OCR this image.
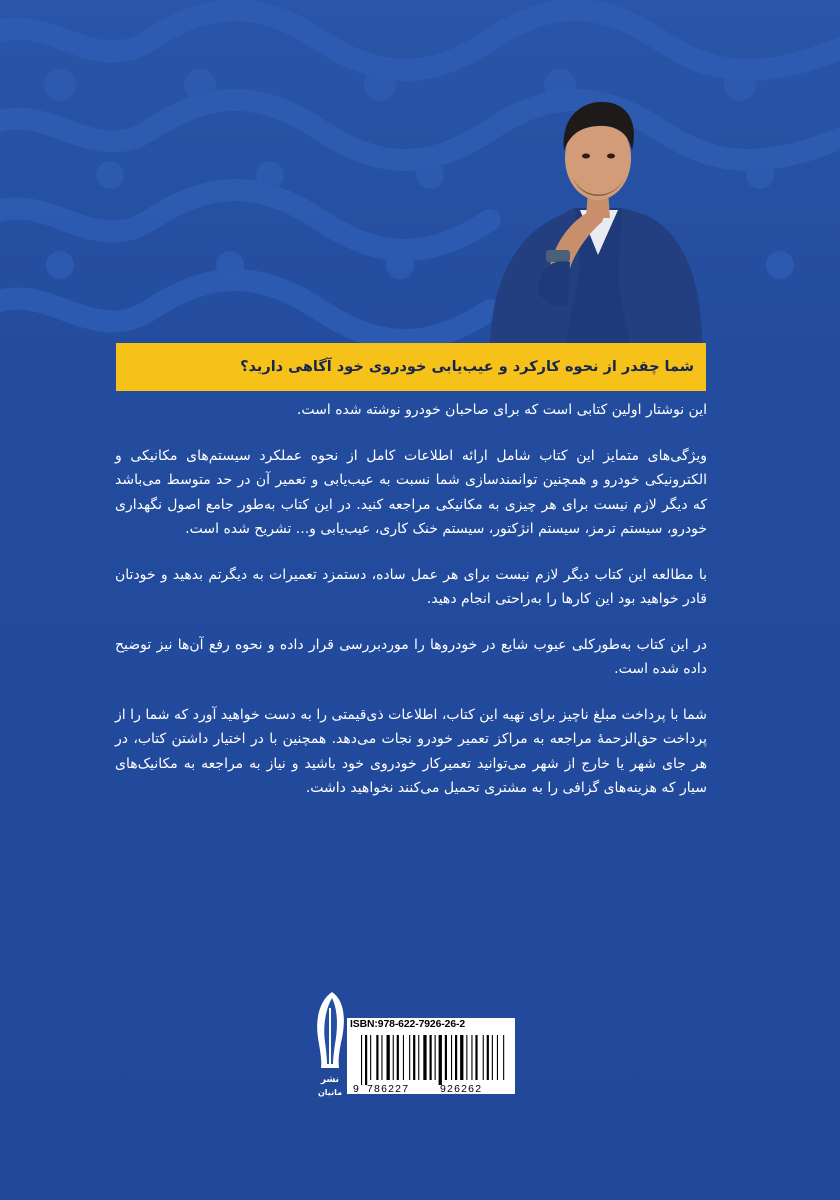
شما چقدر از نحوه کارکرد و عیب‌یابی خودروی خود آگاهی دارید؟

این نوشتار اولین کتابی است که برای صاحبان خودرو نوشته شده است.

ویژگی‌های متمایز این کتاب شامل ارائه اطلاعات کامل از نحوه عملکرد سیستم‌های مکانیکی و الکترونیکی خودرو و همچنین توانمندسازی شما نسبت به عیب‌یابی و تعمیر آن در حد متوسط می‌باشد که دیگر لازم نیست برای هر چیزی به مکانیکی مراجعه کنید. در این کتاب به‌طور جامع اصول نگهداری خودرو، سیستم ترمز، سیستم انژکتور، سیستم خنک کاری، عیب‌یابی و... تشریح شده است.

با مطالعه این کتاب دیگر لازم نیست برای هر عمل ساده، دستمزد تعمیرات به دیگرتم بدهید و خودتان قادر خواهید بود این کارها را به‌راحتی انجام دهید.

در این کتاب به‌طورکلی عیوب شایع در خودروها را موردبررسی قرار داده و نحوه رفع آن‌ها نیز توضیح داده شده است.

شما با پرداخت مبلغ ناچیز برای تهیه این کتاب، اطلاعات ذی‌قیمتی را به دست خواهید آورد که شما را از پرداخت حق‌الزحمهٔ مراجعه به مراکز تعمیر خودرو نجات می‌دهد. همچنین با در اختیار داشتن کتاب، در هر جای شهر یا خارج از شهر می‌توانید تعمیرکار خودروی خود باشید و نیاز به مراجعه به مکانیک‌های سیار که هزینه‌های گزافی را به مشتری تحمیل می‌کنند نخواهید داشت.

نشر
مانیان
ISBN:978-622-7926-26-2
9 786227	926262
